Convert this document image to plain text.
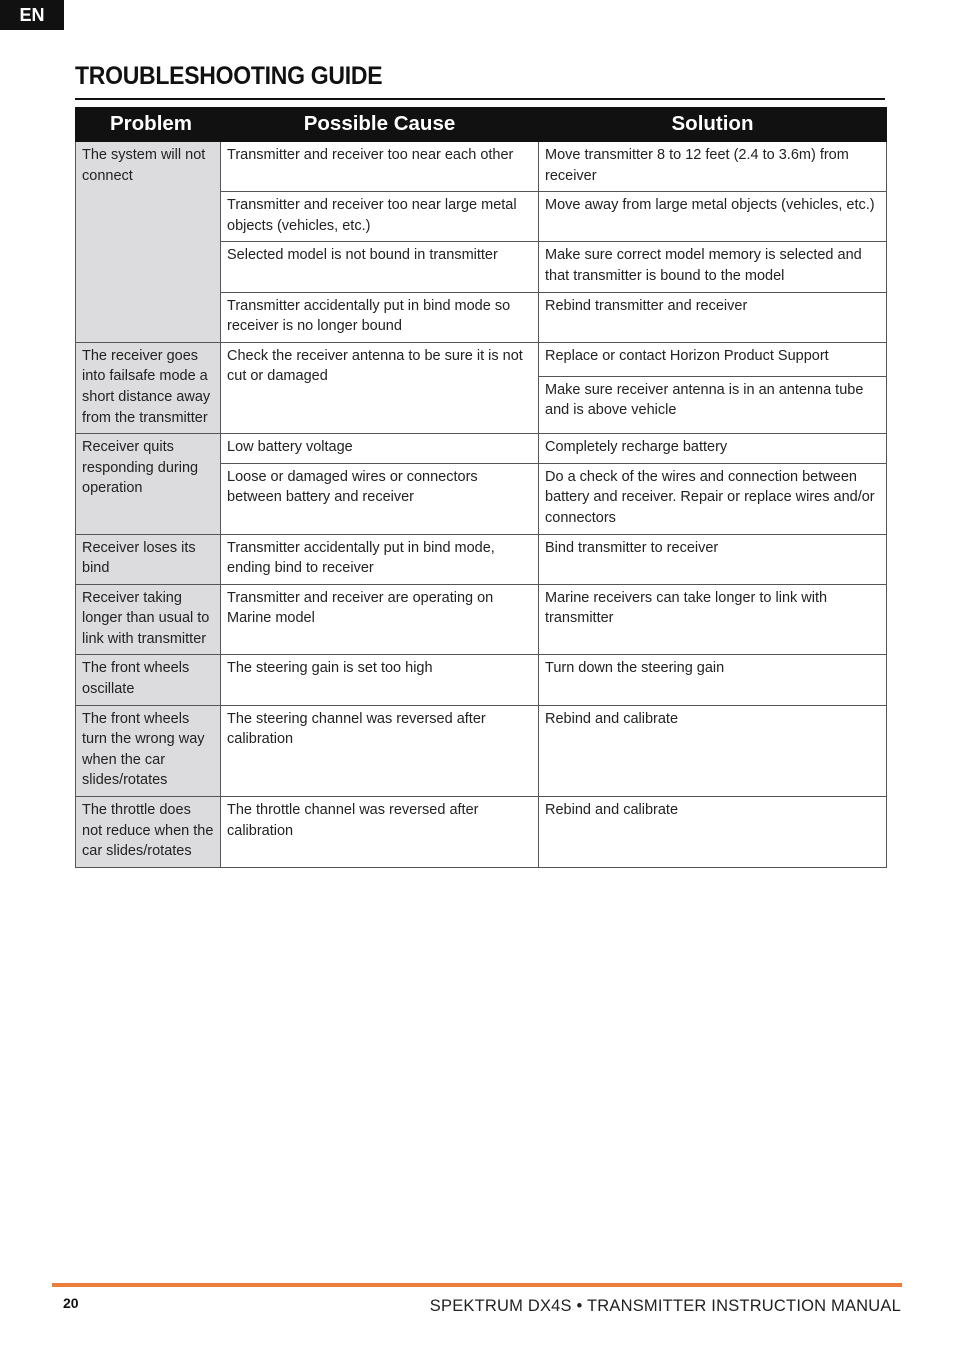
EN
TROUBLESHOOTING GUIDE
Problem	Possible Cause	Solution
The system will not connect	Transmitter and receiver too near each other	Move transmitter 8 to 12 feet (2.4 to 3.6m) from receiver
	Transmitter and receiver too near large metal objects (vehicles, etc.)	Move away from large metal objects (vehicles, etc.)
	Selected model is not bound in transmitter	Make sure correct model memory is selected and that transmitter is bound to the model
	Transmitter accidentally put in bind mode so receiver is no longer bound	Rebind transmitter and receiver
The receiver goes into failsafe mode a short distance away from the transmitter	Check the receiver antenna to be sure it is not cut or damaged	Replace or contact Horizon Product Support
		Make sure receiver antenna is in an antenna tube and is above vehicle
Receiver quits responding during operation	Low battery voltage	Completely recharge battery
	Loose or damaged wires or connectors between battery and receiver	Do a check of the wires and connection between battery and receiver. Repair or replace wires and/or connectors
Receiver loses its bind	Transmitter accidentally put in bind mode, ending bind to receiver	Bind transmitter to receiver
Receiver taking longer than usual to link with transmitter	Transmitter and receiver are operating on Marine model	Marine receivers can take longer to link with transmitter
The front wheels oscillate	The steering gain is set too high	Turn down the steering gain
The front wheels turn the wrong way when the car slides/rotates	The steering channel was reversed after calibration	Rebind and calibrate
The throttle does not reduce when the car slides/rotates	The throttle channel was reversed after calibration	Rebind and calibrate
20	SPEKTRUM DX4S • TRANSMITTER INSTRUCTION MANUAL
